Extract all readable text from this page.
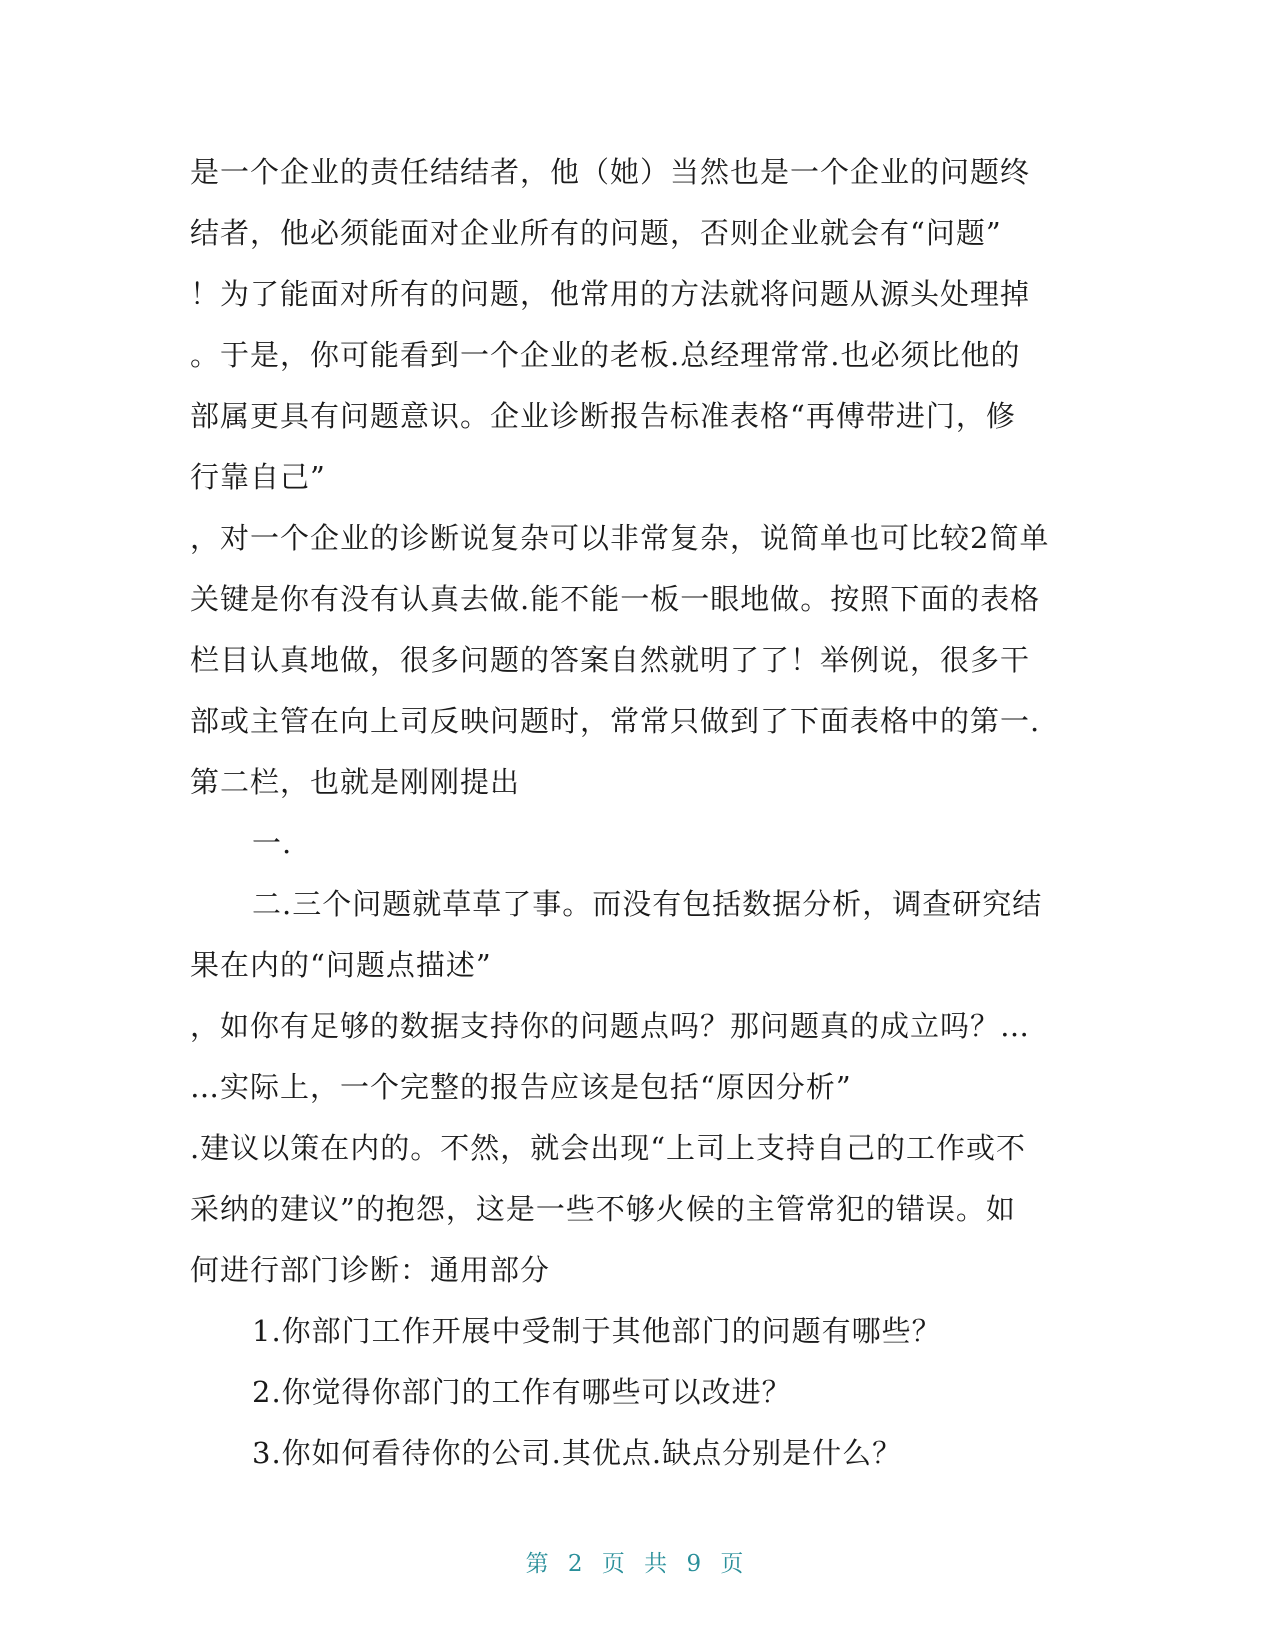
是一个企业的责任结结者，他（她）当然也是一个企业的问题终
结者，他必须能面对企业所有的问题，否则企业就会有“问题”
！为了能面对所有的问题，他常用的方法就将问题从源头处理掉
。于是，你可能看到一个企业的老板.总经理常常.也必须比他的
部属更具有问题意识。企业诊断报告标准表格“再傅带进门，修
行靠自己”
，对一个企业的诊断说复杂可以非常复杂，说简单也可比较2简单
关键是你有没有认真去做.能不能一板一眼地做。按照下面的表格
栏目认真地做，很多问题的答案自然就明了了！举例说，很多干
部或主管在向上司反映问题时，常常只做到了下面表格中的第一.
第二栏，也就是刚刚提出
一.
二.三个问题就草草了事。而没有包括数据分析，调查研究结
果在内的“问题点描述”
，如你有足够的数据支持你的问题点吗？那问题真的成立吗？…
…实际上，一个完整的报告应该是包括“原因分析”
.建议以策在内的。不然，就会出现“上司上支持自己的工作或不
采纳的建议”的抱怨，这是一些不够火候的主管常犯的错误。如
何进行部门诊断：通用部分
1.你部门工作开展中受制于其他部门的问题有哪些？
2.你觉得你部门的工作有哪些可以改进？
3.你如何看待你的公司.其优点.缺点分别是什么？
第 2 页 共 9 页
